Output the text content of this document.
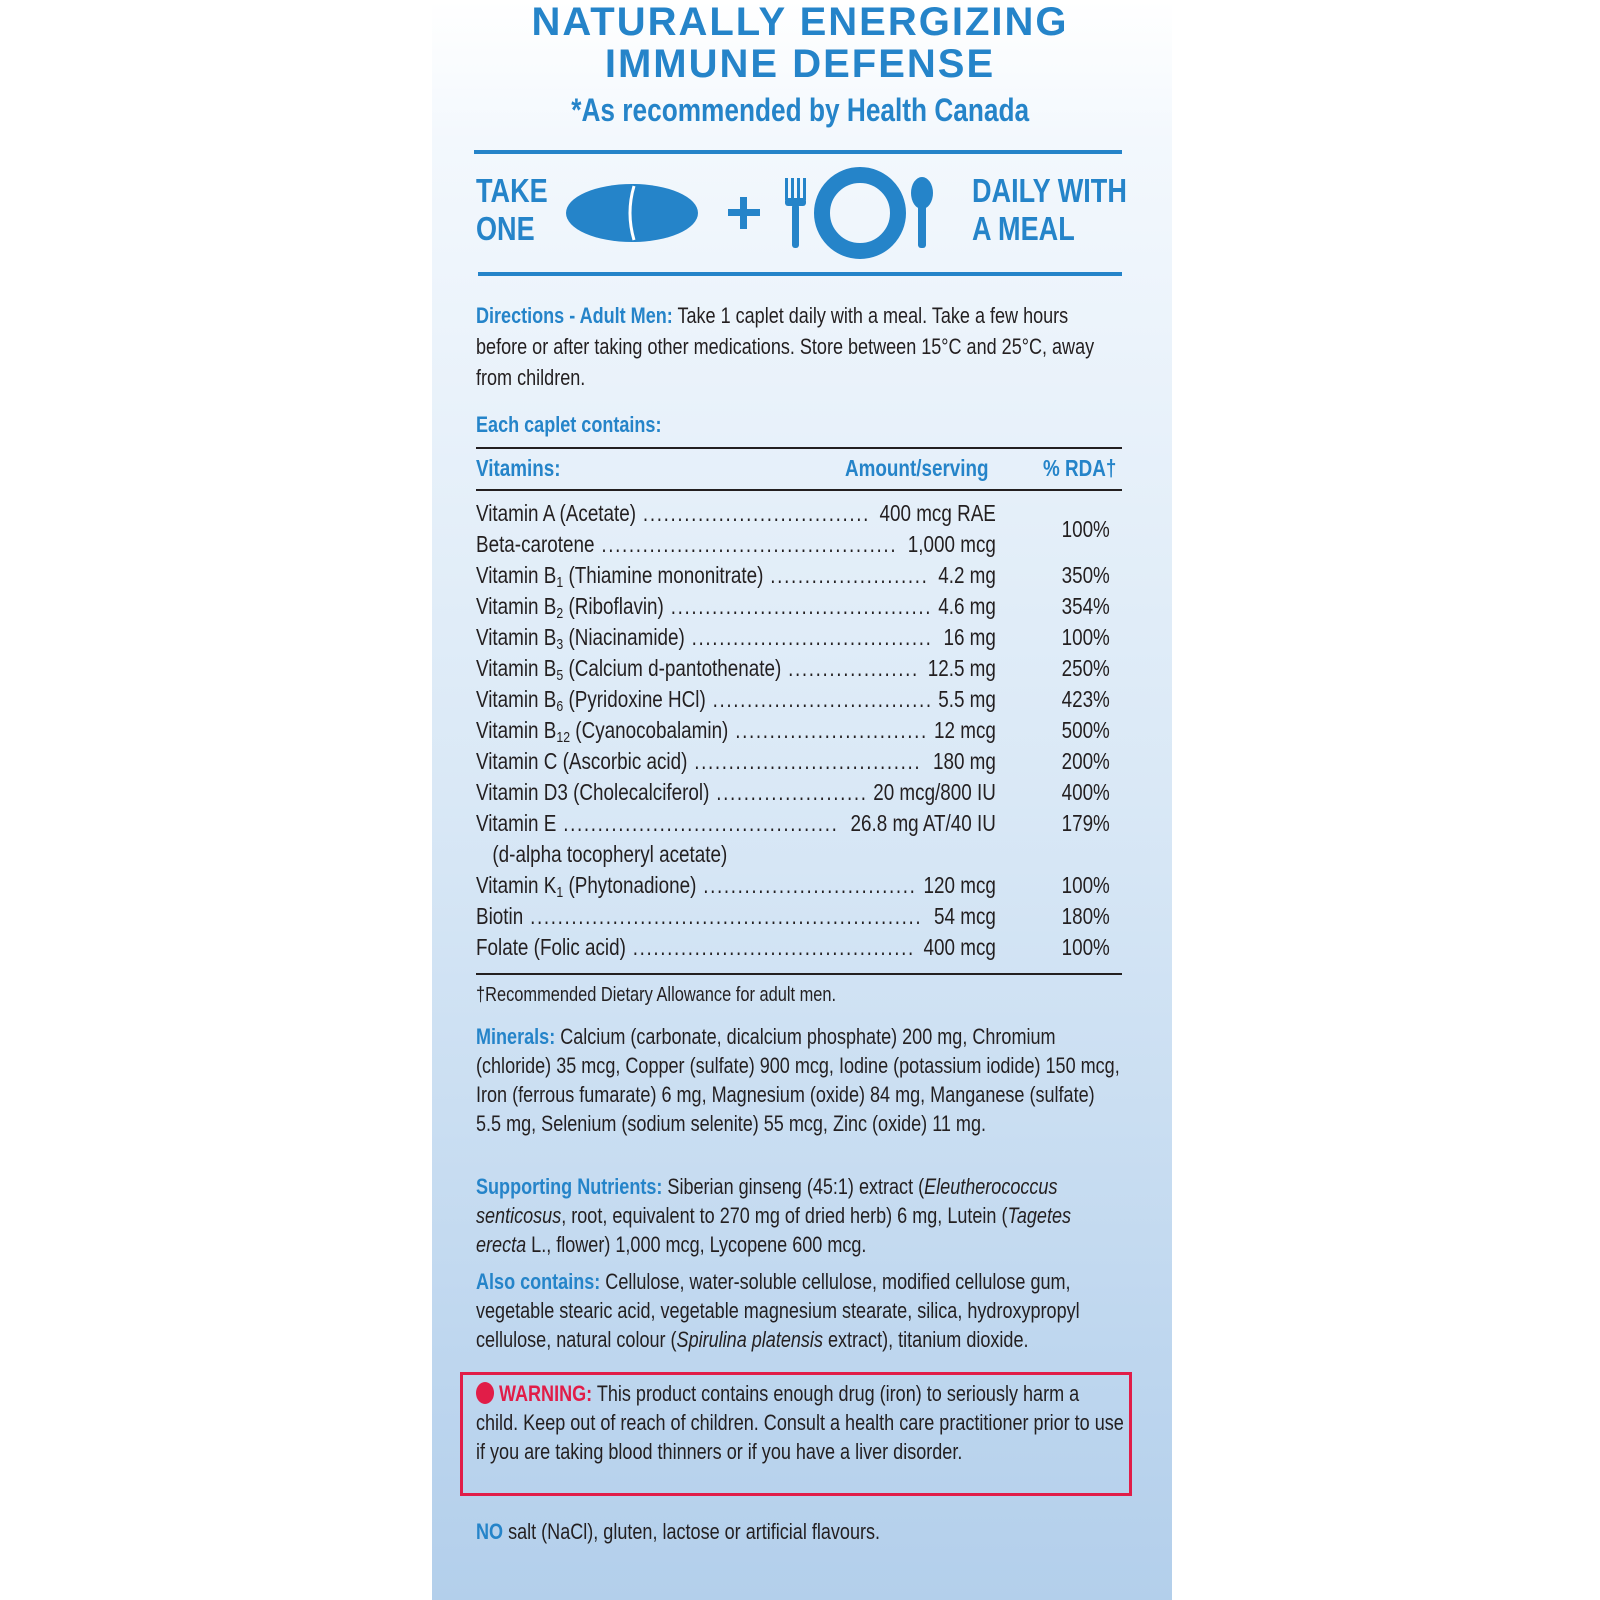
NATURALLY ENERGIZING
IMMUNE DEFENSE
*As recommended by Health Canada
TAKE
ONE
DAILY WITH
A MEAL
Directions - Adult Men: Take 1 caplet daily with a meal. Take a few hours before or after taking other medications. Store between 15°C and 25°C, away from children.
Each caplet contains:
Vitamins:	Amount/serving	% RDA†
Vitamin A (Acetate) ................................. 400 mcg RAE
Beta-carotene ........................................... 1,000 mcg
100%
Vitamin $B_1$ (Thiamine mononitrate) ....................... 4.2 mg	350%
Vitamin $B_2$ (Riboflavin) ...................................... 4.6 mg	354%
Vitamin $B_3$ (Niacinamide) ................................... 16 mg	100%
Vitamin $B_5$ (Calcium d-pantothenate) ................... 12.5 mg	250%
Vitamin $B_6$ (Pyridoxine HCl) ................................ 5.5 mg	423%
Vitamin $B_{12}$ (Cyanocobalamin) ............................ 12 mcg	500%
Vitamin C (Ascorbic acid) ................................. 180 mg	200%
Vitamin D3 (Cholecalciferol) ...................... 20 mcg/800 IU	400%
Vitamin E ........................................ 26.8 mg AT/40 IU	179%
(d-alpha tocopheryl acetate)
Vitamin $K_1$ (Phytonadione) ............................... 120 mcg	100%
Biotin ......................................................... 54 mcg	180%
Folate (Folic acid) ......................................... 400 mcg	100%
†Recommended Dietary Allowance for adult men.
Minerals: Calcium (carbonate, dicalcium phosphate) 200 mg, Chromium (chloride) 35 mcg, Copper (sulfate) 900 mcg, Iodine (potassium iodide) 150 mcg, Iron (ferrous fumarate) 6 mg, Magnesium (oxide) 84 mg, Manganese (sulfate) 5.5 mg, Selenium (sodium selenite) 55 mcg, Zinc (oxide) 11 mg.
Supporting Nutrients: Siberian ginseng (45:1) extract (Eleutherococcus senticosus, root, equivalent to 270 mg of dried herb) 6 mg, Lutein (Tagetes erecta L., flower) 1,000 mcg, Lycopene 600 mcg.
Also contains: Cellulose, water-soluble cellulose, modified cellulose gum, vegetable stearic acid, vegetable magnesium stearate, silica, hydroxypropyl cellulose, natural colour (Spirulina platensis extract), titanium dioxide.
WARNING: This product contains enough drug (iron) to seriously harm a child. Keep out of reach of children. Consult a health care practitioner prior to use if you are taking blood thinners or if you have a liver disorder.
NO salt (NaCl), gluten, lactose or artificial flavours.
